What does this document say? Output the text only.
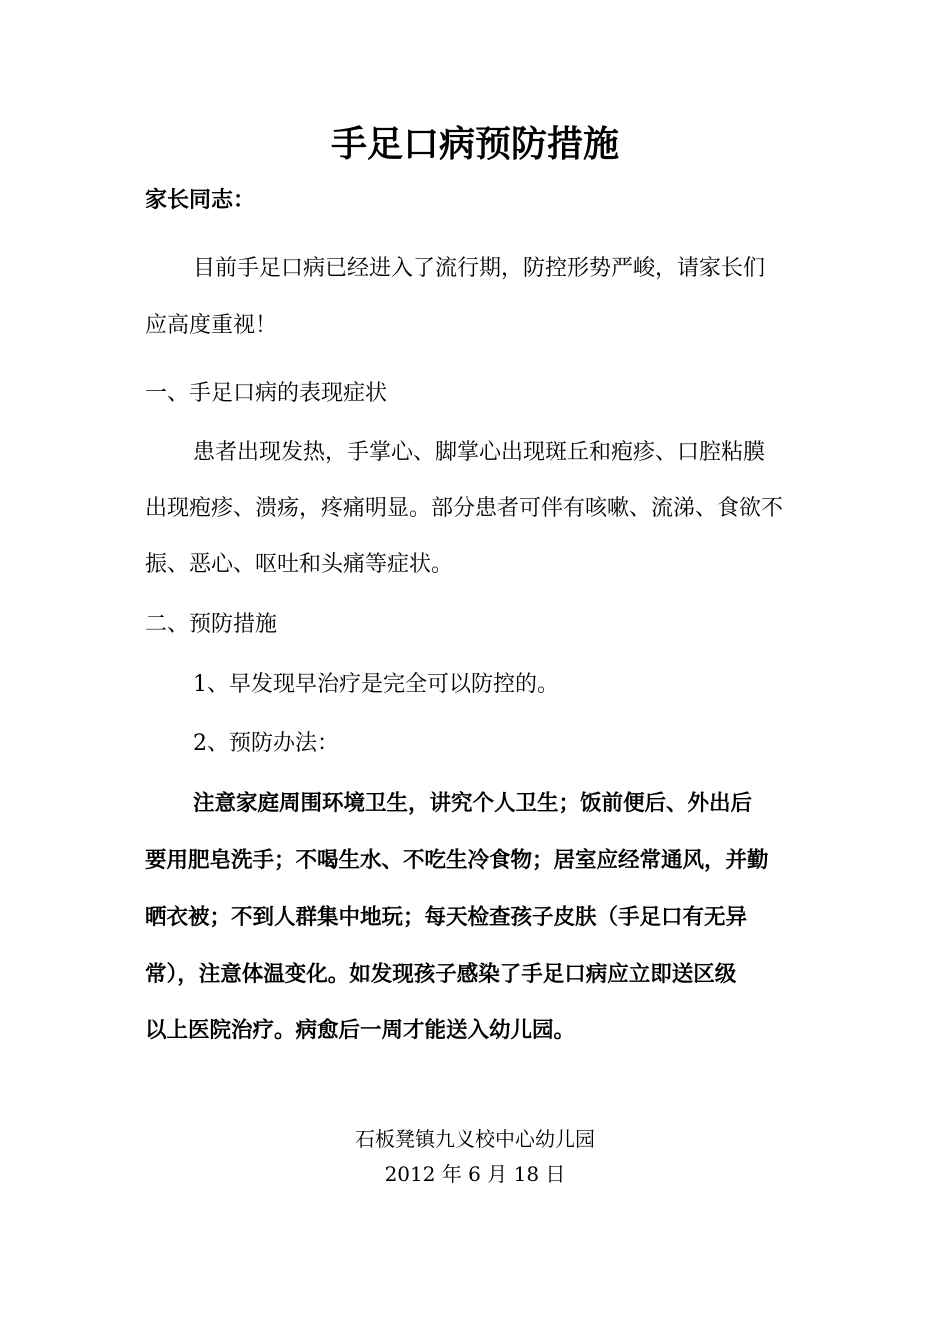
手足口病预防措施
家长同志：
目前手足口病已经进入了流行期，防控形势严峻，请家长们
应高度重视！
一、手足口病的表现症状
患者出现发热，手掌心、脚掌心出现斑丘和疱疹、口腔粘膜
出现疱疹、溃疡，疼痛明显。部分患者可伴有咳嗽、流涕、食欲不
振、恶心、呕吐和头痛等症状。
二、预防措施
1、早发现早治疗是完全可以防控的。
2、预防办法：
注意家庭周围环境卫生，讲究个人卫生；饭前便后、外出后
要用肥皂洗手；不喝生水、不吃生冷食物；居室应经常通风，并勤
晒衣被；不到人群集中地玩；每天检查孩子皮肤（手足口有无异
常），注意体温变化。如发现孩子感染了手足口病应立即送区级
以上医院治疗。病愈后一周才能送入幼儿园。
石板凳镇九义校中心幼儿园
2012 年 6 月 18 日
